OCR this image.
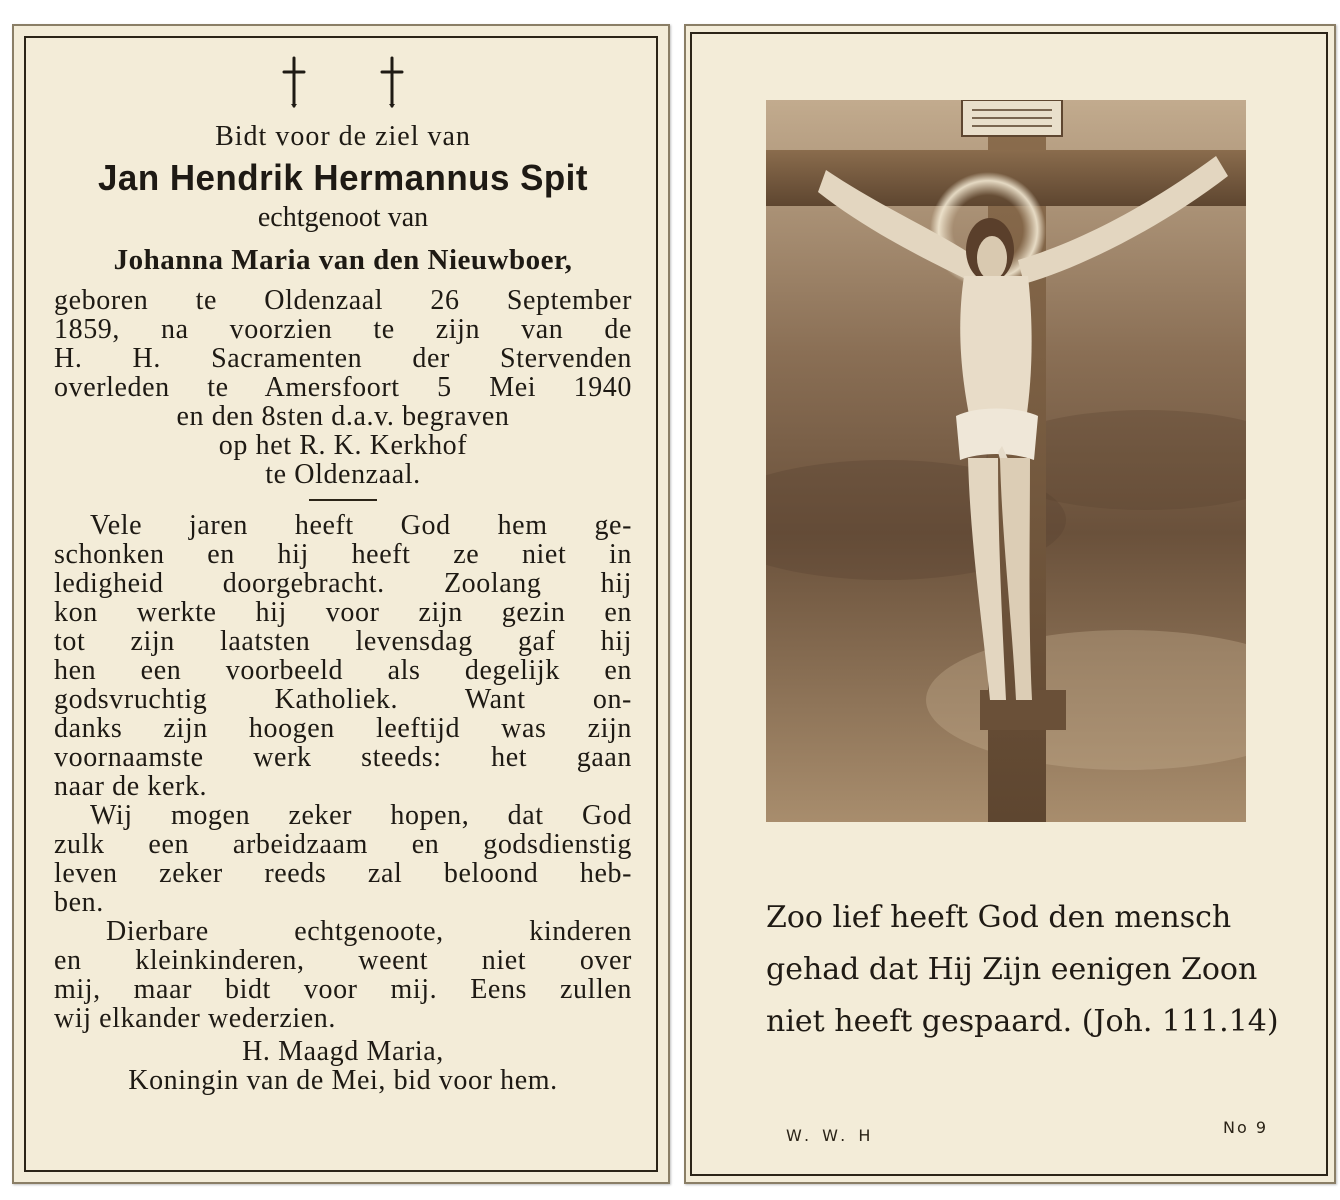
Bidt voor de ziel van
Jan Hendrik Hermannus Spit
echtgenoot van
Johanna Maria van den Nieuwboer,
geboren te Oldenzaal 26 September
1859, na voorzien te zijn van de
H. H. Sacramenten der Stervenden
overleden te Amersfoort 5 Mei 1940
en den 8sten d.a.v. begraven
op het R. K. Kerkhof
te Oldenzaal.
Vele jaren heeft God hem ge-
schonken en hij heeft ze niet in
ledigheid doorgebracht. Zoolang hij
kon werkte hij voor zijn gezin en
tot zijn laatsten levensdag gaf hij
hen een voorbeeld als degelijk en
godsvruchtig Katholiek. Want on-
danks zijn hoogen leeftijd was zijn
voornaamste werk steeds: het gaan
naar de kerk.
Wij mogen zeker hopen, dat God
zulk een arbeidzaam en godsdienstig
leven zeker reeds zal beloond heb-
ben.
Dierbare echtgenoote, kinderen
en kleinkinderen, weent niet over
mij, maar bidt voor mij. Eens zullen
wij elkander wederzien.
H. Maagd Maria,
Koningin van de Mei, bid voor hem.
Zoo lief heeft God den mensch
gehad dat Hij Zijn eenigen Zoon
niet heeft gespaard. (Joh. 111.14)
W. W. H	No 9
